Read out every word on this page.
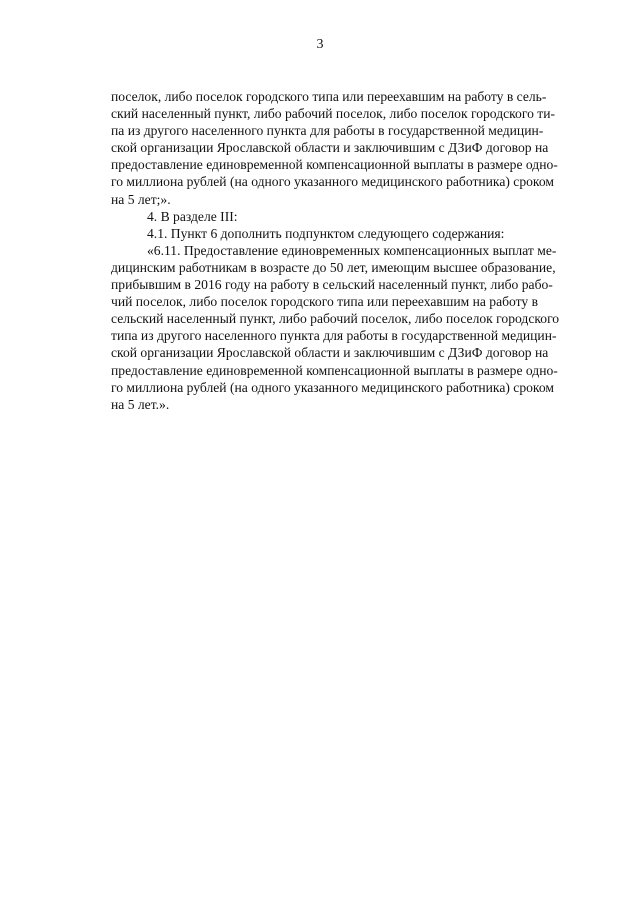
3
поселок, либо поселок городского типа или переехавшим на работу в сель-
ский населенный пункт, либо рабочий поселок, либо поселок городского ти-
па из другого населенного пункта для работы в государственной медицин-
ской организации Ярославской области и заключившим с ДЗиФ договор на
предоставление единовременной компенсационной выплаты в размере одно-
го миллиона рублей (на одного указанного медицинского работника) сроком
на 5 лет;».
4. В разделе III:
4.1. Пункт 6 дополнить подпунктом следующего содержания:
«6.11. Предоставление единовременных компенсационных выплат ме-
дицинским работникам в возрасте до 50 лет, имеющим высшее образование,
прибывшим в 2016 году на работу в сельский населенный пункт, либо рабо-
чий поселок, либо поселок городского типа или переехавшим на работу в
сельский населенный пункт, либо рабочий поселок, либо поселок городского
типа из другого населенного пункта для работы в государственной медицин-
ской организации Ярославской области и заключившим с ДЗиФ договор на
предоставление единовременной компенсационной выплаты в размере одно-
го миллиона рублей (на одного указанного медицинского работника) сроком
на 5 лет.».
